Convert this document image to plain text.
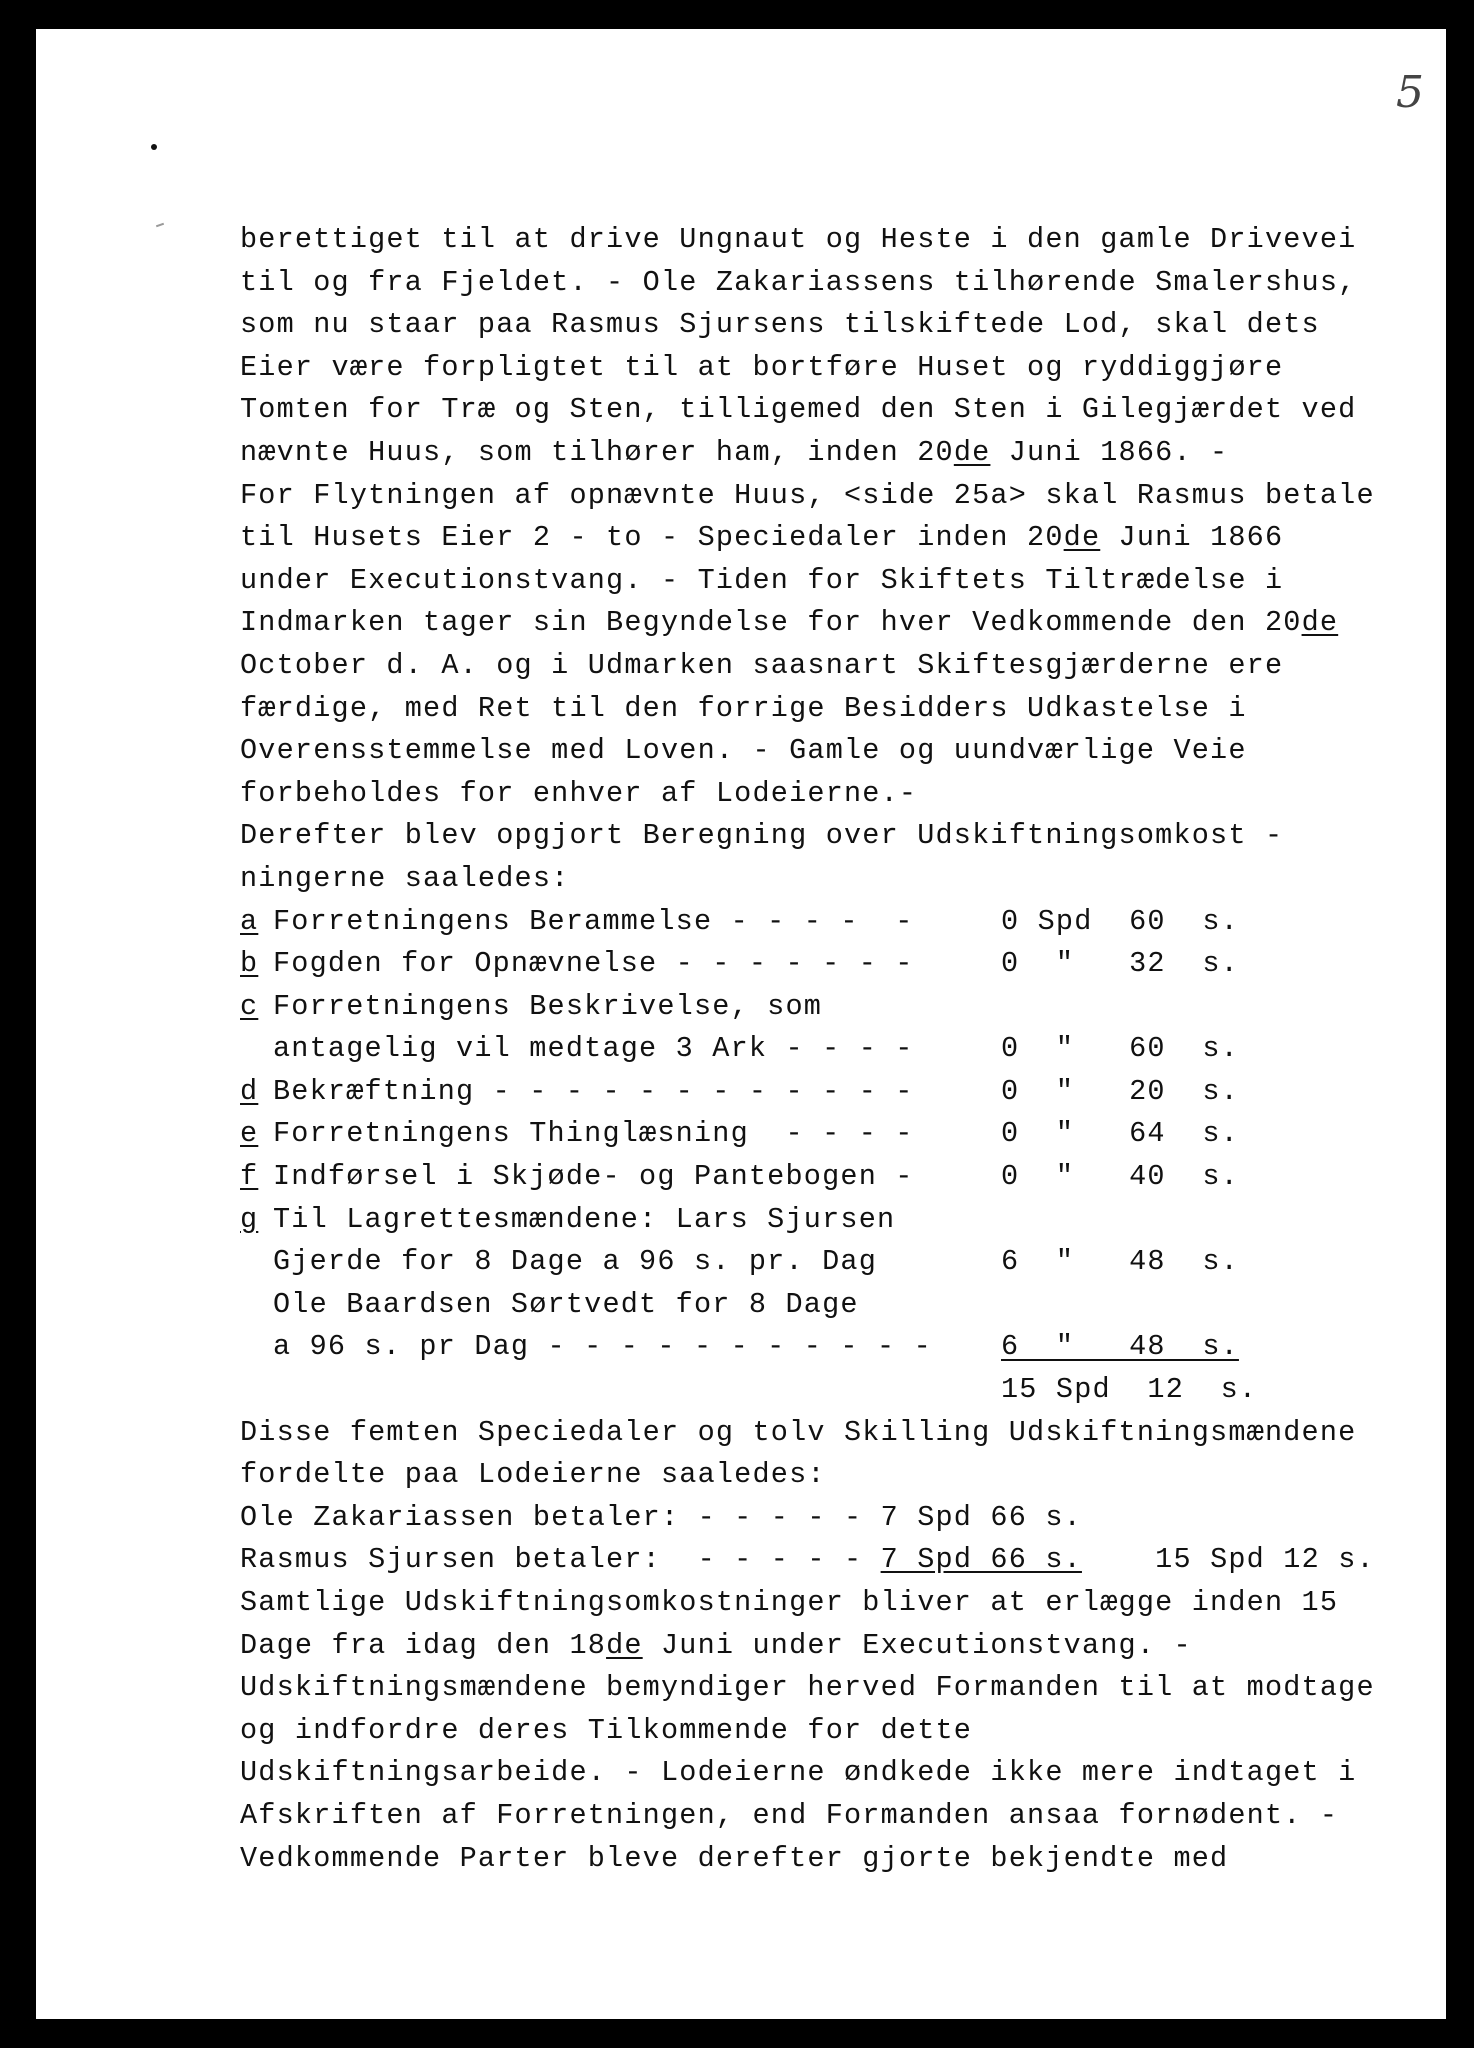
5
berettiget til at drive Ungnaut og Heste i den gamle Drivevei
til og fra Fjeldet. - Ole Zakariassens tilhørende Smalershus,
som nu staar paa Rasmus Sjursens tilskiftede Lod, skal dets
Eier være forpligtet til at bortføre Huset og ryddiggjøre
Tomten for Træ og Sten, tilligemed den Sten i Gilegjærdet ved
nævnte Huus, som tilhører ham, inden 20de Juni 1866. -
For Flytningen af opnævnte Huus, <side 25a> skal Rasmus betale
til Husets Eier 2 - to - Speciedaler inden 20de Juni 1866
under Executionstvang. - Tiden for Skiftets Tiltrædelse i
Indmarken tager sin Begyndelse for hver Vedkommende den 20de
October d. A. og i Udmarken saasnart Skiftesgjærderne ere
færdige, med Ret til den forrige Besidders Udkastelse i
Overensstemmelse med Loven. - Gamle og uundværlige Veie
forbeholdes for enhver af Lodeierne.-
Derefter blev opgjort Beregning over Udskiftningsomkost -
ningerne saaledes:
a Forretningens Berammelse - - - -  -	0 Spd  60  s.
b Fogden for Opnævnelse - - - - - - -	0  "   32  s.
c Forretningens Beskrivelse, som
antagelig vil medtage 3 Ark - - - -	0  "   60  s.
d Bekræftning - - - - - - - - - - - -	0  "   20  s.
e Forretningens Thinglæsning  - - - -	0  "   64  s.
f Indførsel i Skjøde- og Pantebogen -	0  "   40  s.
g Til Lagrettesmændene: Lars Sjursen
Gjerde for 8 Dage a 96 s. pr. Dag	6  "   48  s.
Ole Baardsen Sørtvedt for 8 Dage
a 96 s. pr Dag - - - - - - - - - - -	6  "   48  s.
15 Spd  12  s.
Disse femten Speciedaler og tolv Skilling Udskiftningsmændene
fordelte paa Lodeierne saaledes:
Ole Zakariassen betaler: - - - - - 7 Spd 66 s.
Rasmus Sjursen betaler:  - - - - - 7 Spd 66 s.    15 Spd 12 s.
Samtlige Udskiftningsomkostninger bliver at erlægge inden 15
Dage fra idag den 18de Juni under Executionstvang. -
Udskiftningsmændene bemyndiger herved Formanden til at modtage
og indfordre deres Tilkommende for dette
Udskiftningsarbeide. - Lodeierne øndkede ikke mere indtaget i
Afskriften af Forretningen, end Formanden ansaa fornødent. -
Vedkommende Parter bleve derefter gjorte bekjendte med
